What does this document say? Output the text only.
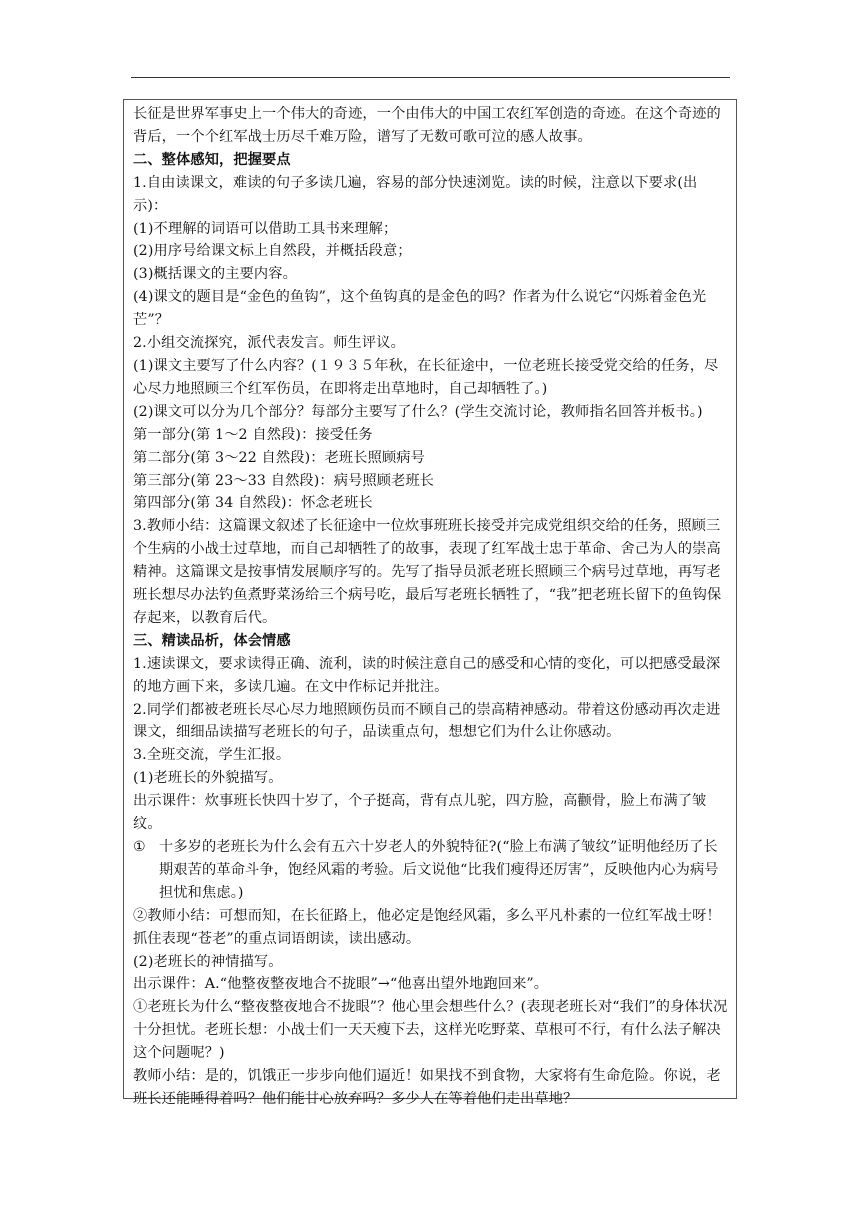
长征是世界军事史上一个伟大的奇迹，一个由伟大的中国工农红军创造的奇迹。在这个奇迹的背后，一个个红军战士历尽千难万险，谱写了无数可歌可泣的感人故事。
二、整体感知，把握要点
1.自由读课文，难读的句子多读几遍，容易的部分快速浏览。读的时候，注意以下要求(出示)：
(1)不理解的词语可以借助工具书来理解；
(2)用序号给课文标上自然段，并概括段意；
(3)概括课文的主要内容。
(4)课文的题目是“金色的鱼钩”，这个鱼钩真的是金色的吗？作者为什么说它“闪烁着金色光芒”？
2.小组交流探究，派代表发言。师生评议。
(1)课文主要写了什么内容？(１９３５年秋，在长征途中，一位老班长接受党交给的任务，尽心尽力地照顾三个红军伤员，在即将走出草地时，自己却牺牲了。)
(2)课文可以分为几个部分？每部分主要写了什么？(学生交流讨论，教师指名回答并板书。)
第一部分(第 1～2 自然段)：接受任务
第二部分(第 3～22 自然段)：老班长照顾病号
第三部分(第 23～33 自然段)：病号照顾老班长
第四部分(第 34 自然段)：怀念老班长
3.教师小结：这篇课文叙述了长征途中一位炊事班班长接受并完成党组织交给的任务，照顾三个生病的小战士过草地，而自己却牺牲了的故事，表现了红军战士忠于革命、舍己为人的崇高精神。这篇课文是按事情发展顺序写的。先写了指导员派老班长照顾三个病号过草地，再写老班长想尽办法钓鱼煮野菜汤给三个病号吃，最后写老班长牺牲了，“我”把老班长留下的鱼钩保存起来，以教育后代。
三、精读品析，体会情感
1.速读课文，要求读得正确、流利，读的时候注意自己的感受和心情的变化，可以把感受最深的地方画下来，多读几遍。在文中作标记并批注。
2.同学们都被老班长尽心尽力地照顾伤员而不顾自己的崇高精神感动。带着这份感动再次走进课文，细细品读描写老班长的句子，品读重点句，想想它们为什么让你感动。
3.全班交流，学生汇报。
(1)老班长的外貌描写。
出示课件：炊事班长快四十岁了，个子挺高，背有点儿驼，四方脸，高颧骨，脸上布满了皱纹。
① 十多岁的老班长为什么会有五六十岁老人的外貌特征?(“脸上布满了皱纹”证明他经历了长期艰苦的革命斗争，饱经风霜的考验。后文说他“比我们瘦得还厉害”，反映他内心为病号担忧和焦虑。)
②教师小结：可想而知，在长征路上，他必定是饱经风霜，多么平凡朴素的一位红军战士呀！抓住表现“苍老”的重点词语朗读，读出感动。
(2)老班长的神情描写。
出示课件：A.“他整夜整夜地合不拢眼”→“他喜出望外地跑回来”。
①老班长为什么“整夜整夜地合不拢眼”？他心里会想些什么？(表现老班长对“我们”的身体状况十分担忧。老班长想：小战士们一天天瘦下去，这样光吃野菜、草根可不行，有什么法子解决这个问题呢？)
教师小结：是的，饥饿正一步步向他们逼近！如果找不到食物，大家将有生命危险。你说，老班长还能睡得着吗？他们能甘心放弃吗？多少人在等着他们走出草地？
